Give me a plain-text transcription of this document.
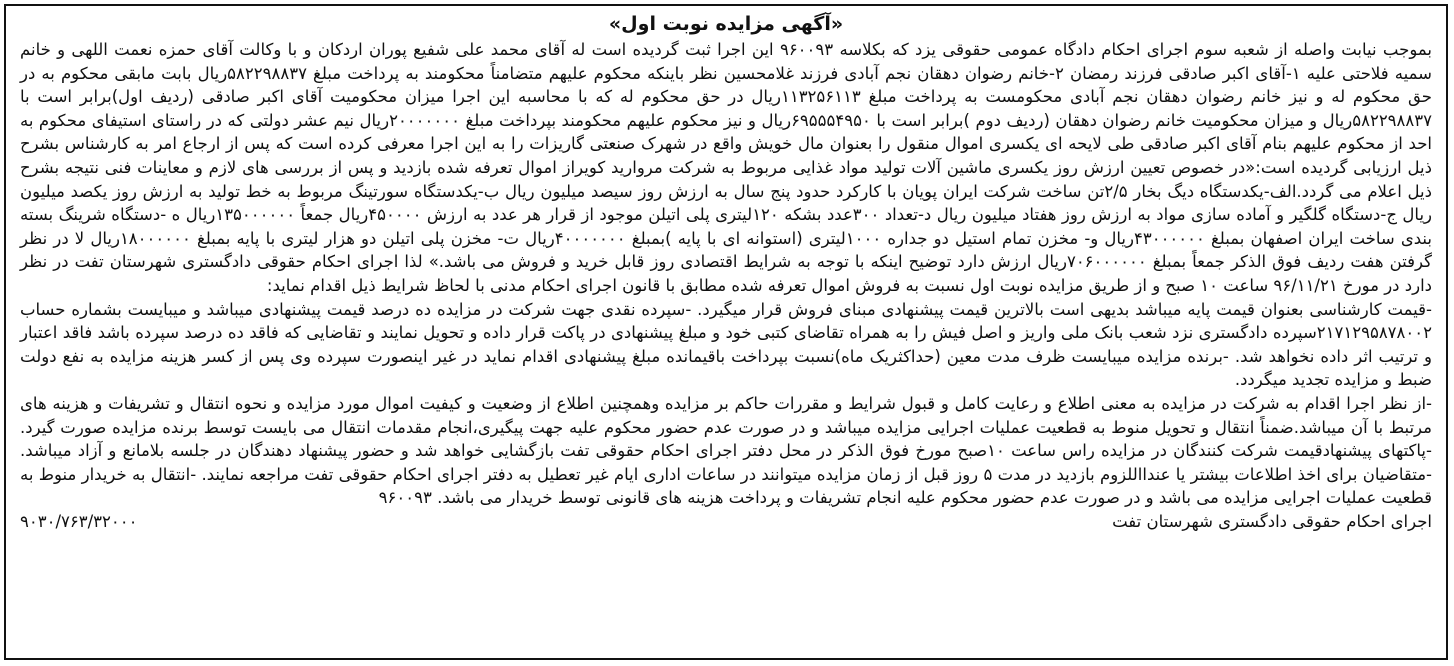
«آگهی مزایده نوبت اول»

بموجب نیابت واصله از شعبه سوم اجرای احکام دادگاه عمومی حقوقی یزد که بکلاسه ۹۶۰۰۹۳ این اجرا ثبت گردیده است له آقای محمد علی شفیع پوران اردکان و با وکالت آقای حمزه نعمت اللهی و خانم سمیه فلاحتی علیه ۱-آقای اکبر صادقی فرزند رمضان ۲-خانم رضوان دهقان نجم آبادی فرزند غلامحسین نظر باینکه محکوم علیهم متضامناً محکومند به پرداخت مبلغ ۵۸۲۲۹۸۸۳۷ریال بابت مابقی محکوم به در حق محکوم له و نیز خانم رضوان دهقان نجم آبادی محکومست به پرداخت مبلغ ۱۱۳۲۵۶۱۱۳ریال در حق محکوم له که با محاسبه این اجرا میزان محکومیت آقای اکبر صادقی (ردیف اول)برابر است با ۵۸۲۲۹۸۸۳۷ریال و میزان محکومیت خانم رضوان دهقان (ردیف دوم )برابر است با ۶۹۵۵۵۴۹۵۰ریال و نیز محکوم علیهم محکومند بپرداخت مبلغ ۲۰۰۰۰۰۰۰ریال نیم عشر دولتی که در راستای استیفای محکوم به احد از محکوم علیهم بنام آقای اکبر صادقی طی لایحه ای یکسری اموال منقول را بعنوان مال خویش واقع در شهرک صنعتی گاریزات را به این اجرا معرفی کرده است که پس از ارجاع امر به کارشناس بشرح ذیل ارزیابی گردیده است:«در خصوص تعیین ارزش روز یکسری ماشین آلات تولید مواد غذایی مربوط به شرکت مروارید کویراز اموال تعرفه شده بازدید و پس از بررسی های لازم و معاینات فنی نتیجه بشرح ذیل اعلام می گردد.الف-یکدستگاه دیگ بخار ۲/۵تن ساخت شرکت ایران پویان با کارکرد حدود پنج سال به ارزش روز سیصد میلیون ریال ب-یکدستگاه سورتینگ مربوط به خط تولید به ارزش روز یکصد میلیون ریال ج-دستگاه گلگیر و آماده سازی مواد به ارزش روز هفتاد میلیون ریال د-تعداد ۳۰۰عدد بشکه ۱۲۰لیتری پلی اتیلن موجود از قرار هر عدد به ارزش ۴۵۰۰۰۰ریال جمعاً ۱۳۵۰۰۰۰۰۰ریال ه -دستگاه شرینگ بسته بندی ساخت ایران اصفهان بمبلغ ۴۳۰۰۰۰۰۰ریال و- مخزن تمام استیل دو جداره ۱۰۰۰لیتری (استوانه ای با پایه )بمبلغ ۴۰۰۰۰۰۰۰ریال ت- مخزن پلی اتیلن دو هزار لیتری با پایه بمبلغ ۱۸۰۰۰۰۰۰ریال لا در نظر گرفتن هفت ردیف فوق الذکر جمعاً بمبلغ ۷۰۶۰۰۰۰۰۰ریال ارزش دارد توضیح اینکه با توجه به شرایط اقتصادی روز قابل خرید و فروش می باشد.» لذا اجرای احکام حقوقی دادگستری شهرستان تفت در نظر دارد در مورخ ۹۶/۱۱/۲۱ ساعت ۱۰ صبح و از طریق مزایده نوبت اول نسبت به فروش اموال تعرفه شده مطابق با قانون اجرای احکام مدنی با لحاظ شرایط ذیل اقدام نماید:

-قیمت کارشناسی بعنوان قیمت پایه میباشد بدیهی است بالاترین قیمت پیشنهادی مبنای فروش قرار میگیرد. -سپرده نقدی جهت شرکت در مزایده ده درصد قیمت پیشنهادی میباشد و میبایست بشماره حساب ۲۱۷۱۲۹۵۸۷۸۰۰۲سپرده دادگستری نزد شعب بانک ملی واریز و اصل فیش را به همراه تقاضای کتبی خود و مبلغ پیشنهادی در پاکت قرار داده و تحویل نمایند و تقاضایی که فاقد ده درصد سپرده باشد فاقد اعتبار و ترتیب اثر داده نخواهد شد. -برنده مزایده میبایست ظرف مدت معین (حداکثریک ماه)نسبت بپرداخت باقیمانده مبلغ پیشنهادی اقدام نماید در غیر اینصورت سپرده وی پس از کسر هزینه مزایده به نفع دولت ضبط و مزایده تجدید میگردد.

-از نظر اجرا اقدام به شرکت در مزایده به معنی اطلاع و رعایت کامل و قبول شرایط و مقررات حاکم بر مزایده وهمچنین اطلاع از وضعیت و کیفیت اموال مورد مزایده و نحوه انتقال و تشریفات و هزینه های مرتبط با آن میباشد.ضمناً انتقال و تحویل منوط به قطعیت عملیات اجرایی مزایده میباشد و در صورت عدم حضور محکوم علیه جهت پیگیری،انجام مقدمات انتقال می بایست توسط برنده مزایده صورت گیرد. -پاکتهای پیشنهادقیمت شرکت کنندگان در مزایده راس ساعت ۱۰صبح مورخ فوق الذکر در محل دفتر اجرای احکام حقوقی تفت بازگشایی خواهد شد و حضور پیشنهاد دهندگان در جلسه بلامانع و آزاد میباشد. -متقاضیان برای اخذ اطلاعات بیشتر یا عندااللزوم بازدید در مدت ۵ روز قبل از زمان مزایده میتوانند در ساعات اداری ایام غیر تعطیل به دفتر اجرای احکام حقوقی تفت مراجعه نمایند. -انتقال به خریدار منوط به قطعیت عملیات اجرایی مزایده می باشد و در صورت عدم حضور محکوم علیه انجام تشریفات و پرداخت هزینه های قانونی توسط خریدار می باشد. ۹۶۰۰۹۳

اجرای احکام حقوقی دادگستری شهرستان تفت
۹۰۳۰/۷۶۳/۳۲۰۰۰
